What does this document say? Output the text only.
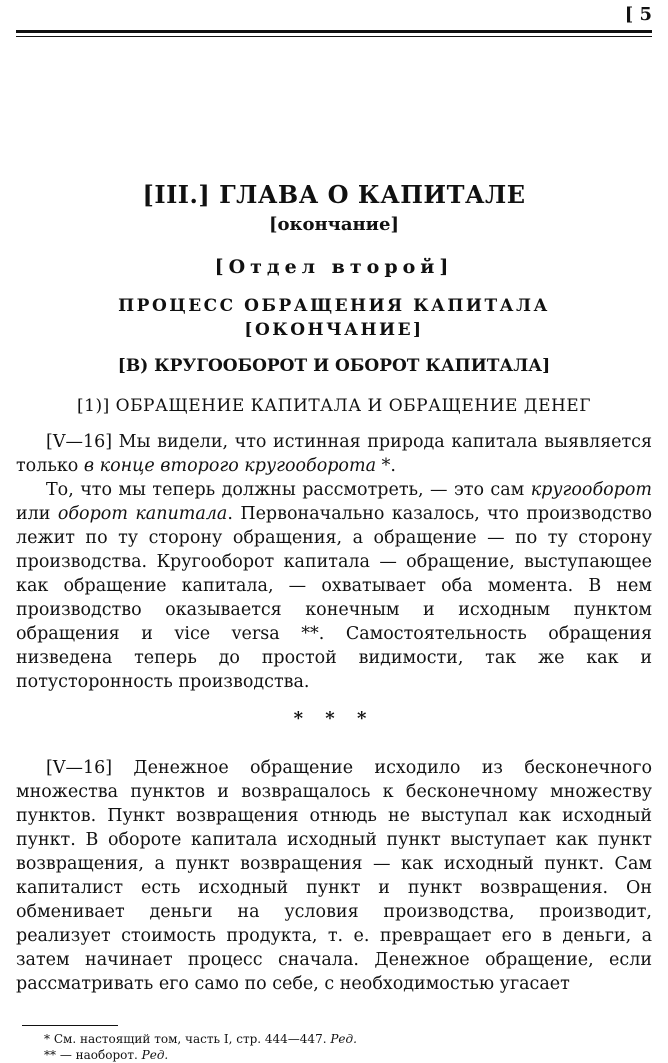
[ 5
[III.] ГЛАВА О КАПИТАЛЕ
[окончание]
[Отдел второй]
ПРОЦЕСС ОБРАЩЕНИЯ КАПИТАЛА
[ОКОНЧАНИЕ]
[B) КРУГООБОРОТ И ОБОРОТ КАПИТАЛА]
[1)] ОБРАЩЕНИЕ КАПИТАЛА И ОБРАЩЕНИЕ ДЕНЕГ

[V—16] Мы видели, что истинная природа капитала выявляется только в конце второго кругооборота *.

То, что мы теперь должны рассмотреть, — это сам кругооборот или оборот капитала. Первоначально казалось, что производство лежит по ту сторону обращения, а обращение — по ту сторону производства. Кругооборот капитала — обращение, выступающее как обращение капитала, — охватывает оба момента. В нем производство оказывается конечным и исходным пунктом обращения и vice versa **. Самостоятельность обращения низведена теперь до простой видимости, так же как и потусторонность производства.

* * *

[V—16] Денежное обращение исходило из бесконечного множества пунктов и возвращалось к бесконечному множеству пунктов. Пункт возвращения отнюдь не выступал как исходный пункт. В обороте капитала исходный пункт выступает как пункт возвращения, а пункт возвращения — как исходный пункт. Сам капиталист есть исходный пункт и пункт возвращения. Он обменивает деньги на условия производства, производит, реализует стоимость продукта, т. е. превращает его в деньги, а затем начинает процесс сначала. Денежное обращение, если рассматривать его само по себе, с необходимостью угасает

* См. настоящий том, часть I, стр. 444—447. Ред.
** — наоборот. Ред.
